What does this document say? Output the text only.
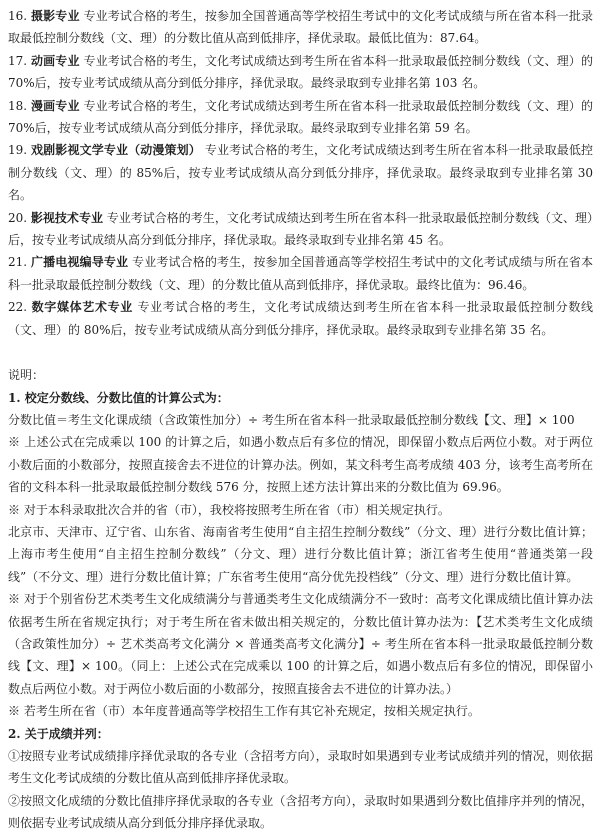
16. 摄影专业 专业考试合格的考生，按参加全国普通高等学校招生考试中的文化考试成绩与所在省本科一批录取最低控制分数线（文、理）的分数比值从高到低排序，择优录取。最低比值为：87.64。

17. 动画专业 专业考试合格的考生，文化考试成绩达到考生所在省本科一批录取最低控制分数线（文、理）的70%后，按专业考试成绩从高分到低分排序，择优录取。最终录取到专业排名第 103 名。

18. 漫画专业 专业考试合格的考生，文化考试成绩达到考生所在省本科一批录取最低控制分数线（文、理）的70%后，按专业考试成绩从高分到低分排序，择优录取。最终录取到专业排名第 59 名。

19. 戏剧影视文学专业（动漫策划） 专业考试合格的考生，文化考试成绩达到考生所在省本科一批录取最低控制分数线（文、理）的 85%后，按专业考试成绩从高分到低分排序，择优录取。最终录取到专业排名第 30 名。

20. 影视技术专业 专业考试合格的考生，文化考试成绩达到考生所在省本科一批录取最低控制分数线（文、理）后，按专业考试成绩从高分到低分排序，择优录取。最终录取到专业排名第 45 名。

21. 广播电视编导专业 专业考试合格的考生，按参加全国普通高等学校招生考试中的文化考试成绩与所在省本科一批录取最低控制分数线（文、理）的分数比值从高到低排序，择优录取。最终比值为：96.46。

22. 数字媒体艺术专业 专业考试合格的考生，文化考试成绩达到考生所在省本科一批录取最低控制分数线（文、理）的 80%后，按专业考试成绩从高分到低分排序，择优录取。最终录取到专业排名第 35 名。

说明：

1. 校定分数线、分数比值的计算公式为：

分数比值＝考生文化课成绩（含政策性加分）÷ 考生所在省本科一批录取最低控制分数线【文、理】× 100

※ 上述公式在完成乘以 100 的计算之后，如遇小数点后有多位的情况，即保留小数点后两位小数。对于两位小数后面的小数部分，按照直接舍去不进位的计算办法。例如，某文科考生高考成绩 403 分，该考生高考所在省的文科本科一批录取最低控制分数线 576 分，按照上述方法计算出来的分数比值为 69.96。

※ 对于本科录取批次合并的省（市），我校将按照考生所在省（市）相关规定执行。

北京市、天津市、辽宁省、山东省、海南省考生使用“自主招生控制分数线”（分文、理）进行分数比值计算；上海市考生使用“自主招生控制分数线”（分文、理）进行分数比值计算；浙江省考生使用“普通类第一段线”（不分文、理）进行分数比值计算；广东省考生使用“高分优先投档线”（分文、理）进行分数比值计算。

※ 对于个别省份艺术类考生文化成绩满分与普通类考生文化成绩满分不一致时：高考文化课成绩比值计算办法依据考生所在省规定执行；对于考生所在省未做出相关规定的，分数比值计算办法为：【艺术类考生文化成绩（含政策性加分）÷ 艺术类高考文化满分 × 普通类高考文化满分】÷ 考生所在省本科一批录取最低控制分数线【文、理】× 100。（同上：上述公式在完成乘以 100 的计算之后，如遇小数点后有多位的情况，即保留小数点后两位小数。对于两位小数后面的小数部分，按照直接舍去不进位的计算办法。）

※ 若考生所在省（市）本年度普通高等学校招生工作有其它补充规定，按相关规定执行。

2. 关于成绩并列：

①按照专业考试成绩排序择优录取的各专业（含招考方向），录取时如果遇到专业考试成绩并列的情况，则依据考生文化考试成绩的分数比值从高到低排序择优录取。

②按照文化成绩的分数比值排序择优录取的各专业（含招考方向），录取时如果遇到分数比值排序并列的情况，则依据专业考试成绩从高分到低分排序择优录取。
